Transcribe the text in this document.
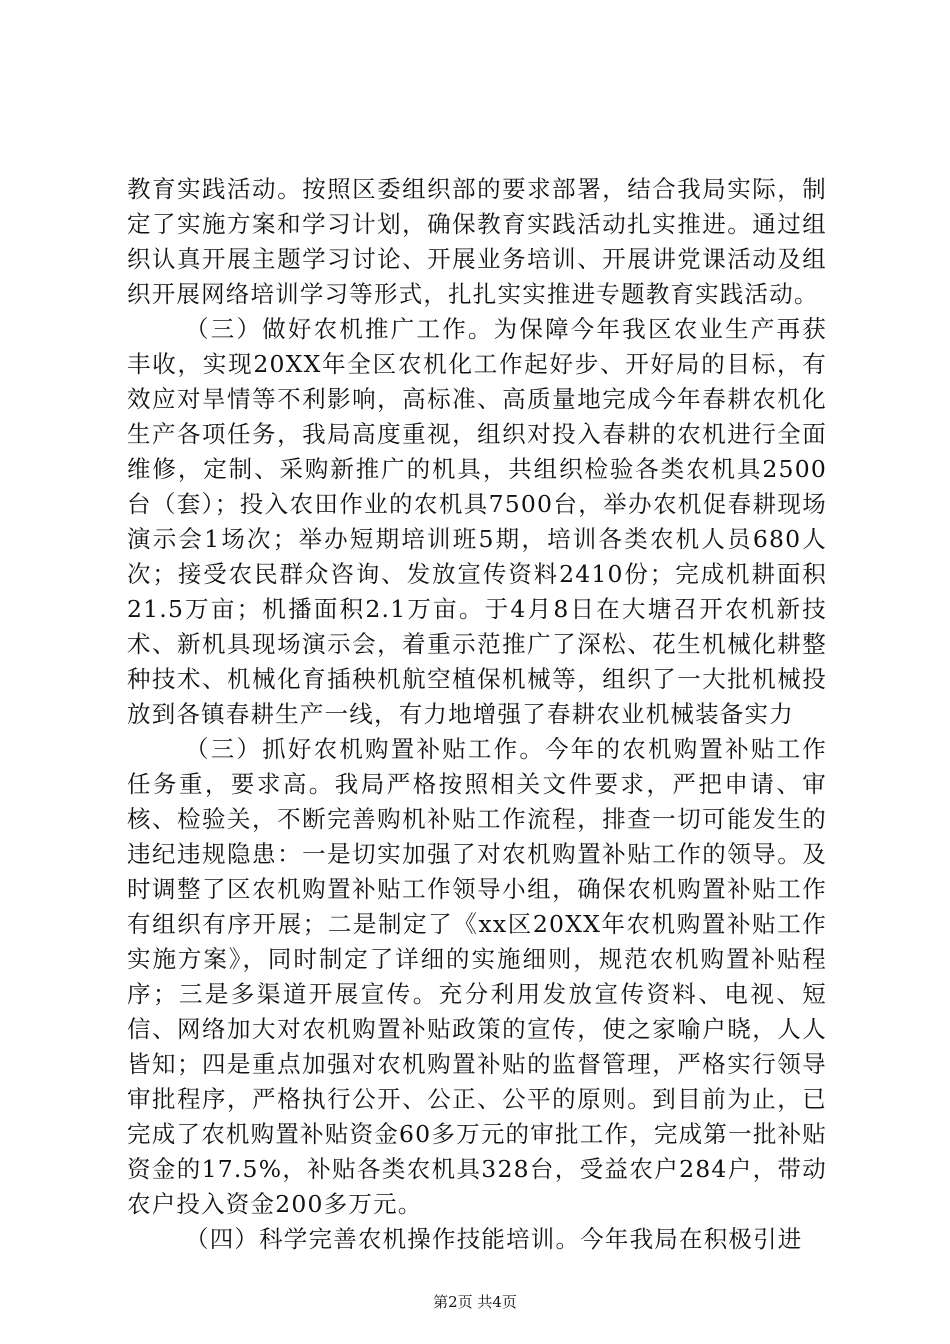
教育实践活动。按照区委组织部的要求部署，结合我局实际，制定了实施方案和学习计划，确保教育实践活动扎实推进。通过组织认真开展主题学习讨论、开展业务培训、开展讲党课活动及组织开展网络培训学习等形式，扎扎实实推进专题教育实践活动。

（三）做好农机推广工作。为保障今年我区农业生产再获丰收，实现20XX年全区农机化工作起好步、开好局的目标，有效应对旱情等不利影响，高标准、高质量地完成今年春耕农机化生产各项任务，我局高度重视，组织对投入春耕的农机进行全面维修，定制、采购新推广的机具，共组织检验各类农机具2500台（套）；投入农田作业的农机具7500台，举办农机促春耕现场演示会1场次；举办短期培训班5期，培训各类农机人员680人次；接受农民群众咨询、发放宣传资料2410份；完成机耕面积21.5万亩；机播面积2.1万亩。于4月8日在大塘召开农机新技术、新机具现场演示会，着重示范推广了深松、花生机械化耕整种技术、机械化育插秧机航空植保机械等，组织了一大批机械投放到各镇春耕生产一线，有力地增强了春耕农业机械装备实力

（三）抓好农机购置补贴工作。今年的农机购置补贴工作任务重，要求高。我局严格按照相关文件要求，严把申请、审核、检验关，不断完善购机补贴工作流程，排查一切可能发生的违纪违规隐患：一是切实加强了对农机购置补贴工作的领导。及时调整了区农机购置补贴工作领导小组，确保农机购置补贴工作有组织有序开展；二是制定了《xx区20XX年农机购置补贴工作实施方案》，同时制定了详细的实施细则，规范农机购置补贴程序；三是多渠道开展宣传。充分利用发放宣传资料、电视、短信、网络加大对农机购置补贴政策的宣传，使之家喻户晓，人人皆知；四是重点加强对农机购置补贴的监督管理，严格实行领导审批程序，严格执行公开、公正、公平的原则。到目前为止，已完成了农机购置补贴资金60多万元的审批工作，完成第一批补贴资金的17.5%，补贴各类农机具328台，受益农户284户，带动农户投入资金200多万元。

（四）科学完善农机操作技能培训。今年我局在积极引进

第2页 共4页
